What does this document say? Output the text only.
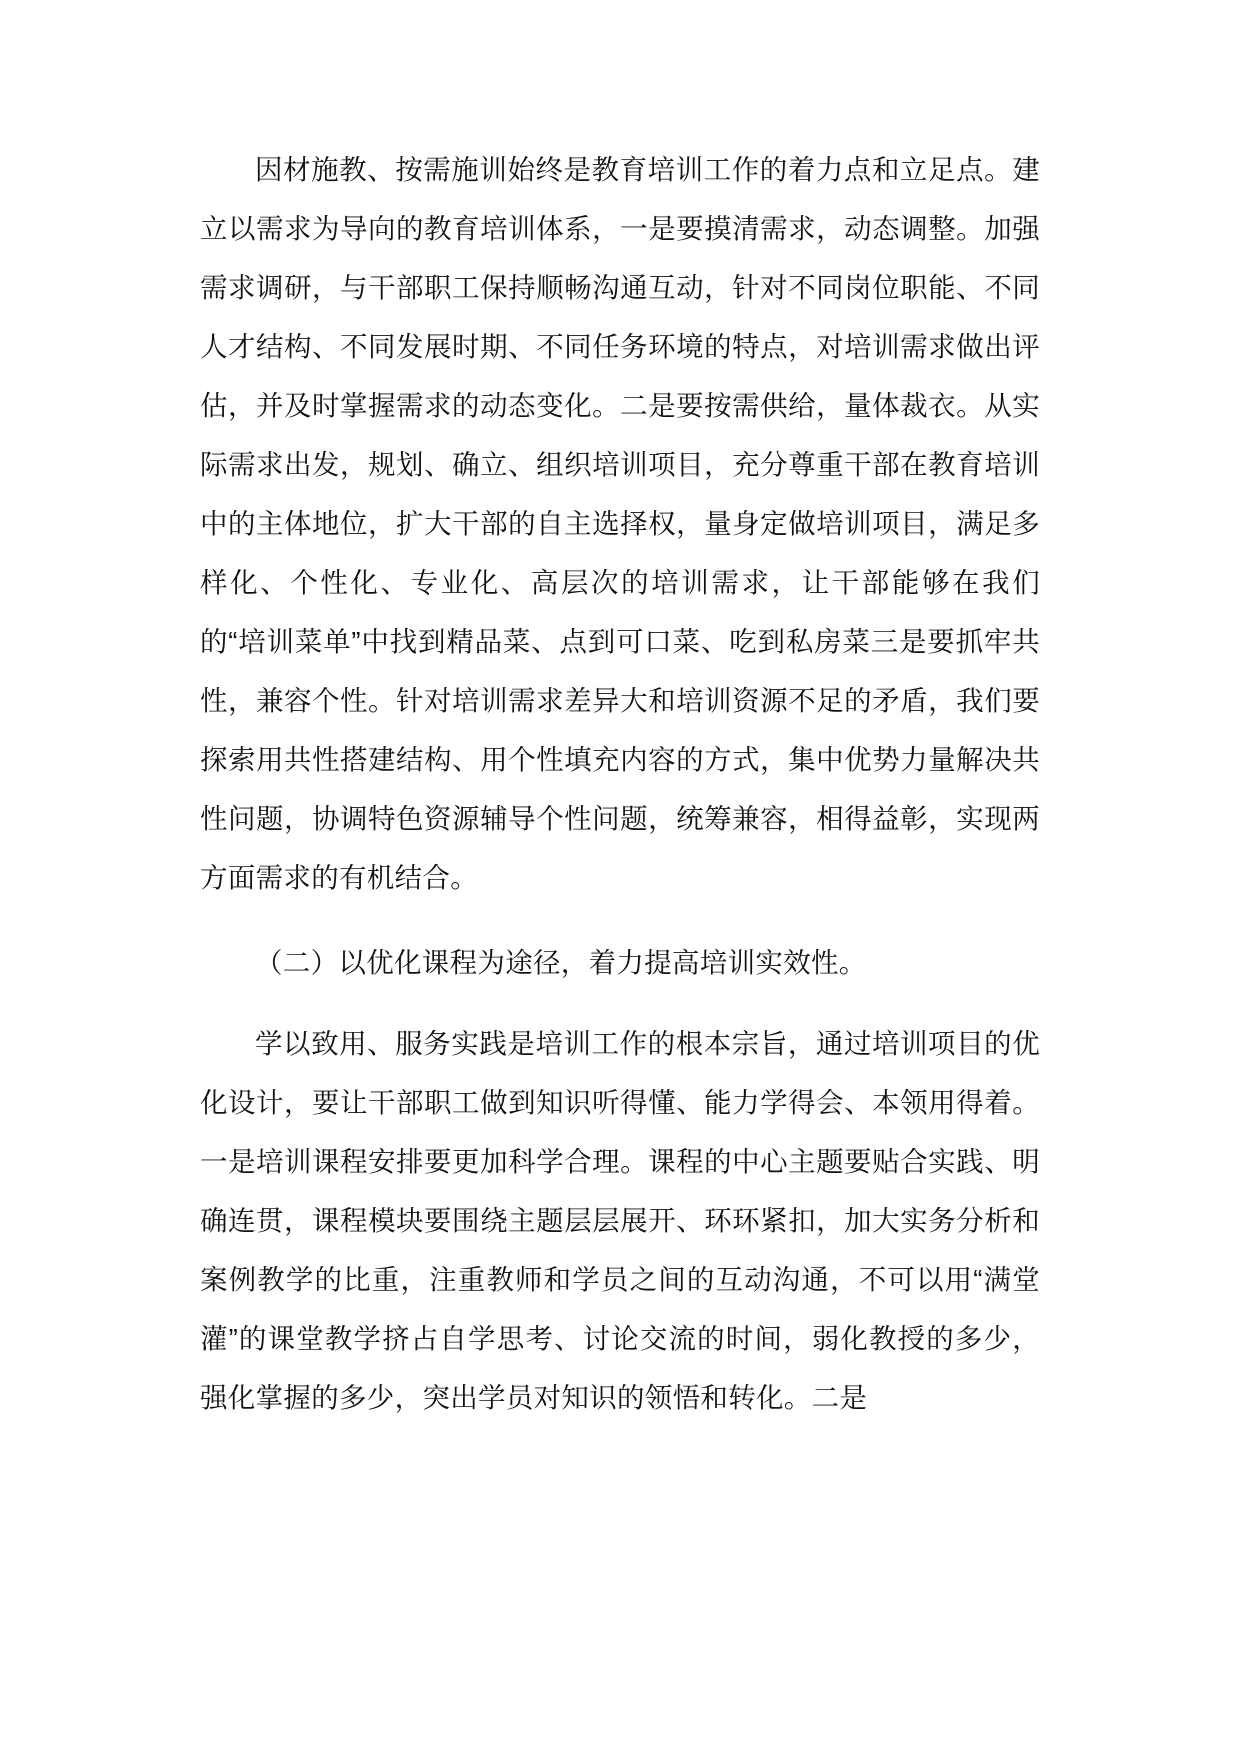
因材施教、按需施训始终是教育培训工作的着力点和立足点。建立以需求为导向的教育培训体系，一是要摸清需求，动态调整。加强需求调研，与干部职工保持顺畅沟通互动，针对不同岗位职能、不同人才结构、不同发展时期、不同任务环境的特点，对培训需求做出评估，并及时掌握需求的动态变化。二是要按需供给，量体裁衣。从实际需求出发，规划、确立、组织培训项目，充分尊重干部在教育培训中的主体地位，扩大干部的自主选择权，量身定做培训项目，满足多样化、个性化、专业化、高层次的培训需求，让干部能够在我们的“培训菜单”中找到精品菜、点到可口菜、吃到私房菜三是要抓牢共性，兼容个性。针对培训需求差异大和培训资源不足的矛盾，我们要探索用共性搭建结构、用个性填充内容的方式，集中优势力量解决共性问题，协调特色资源辅导个性问题，统筹兼容，相得益彰，实现两方面需求的有机结合。

（二）以优化课程为途径，着力提高培训实效性。

学以致用、服务实践是培训工作的根本宗旨，通过培训项目的优化设计，要让干部职工做到知识听得懂、能力学得会、本领用得着。一是培训课程安排要更加科学合理。课程的中心主题要贴合实践、明确连贯，课程模块要围绕主题层层展开、环环紧扣，加大实务分析和案例教学的比重，注重教师和学员之间的互动沟通，不可以用“满堂灌”的课堂教学挤占自学思考、讨论交流的时间，弱化教授的多少，强化掌握的多少，突出学员对知识的领悟和转化。二是
